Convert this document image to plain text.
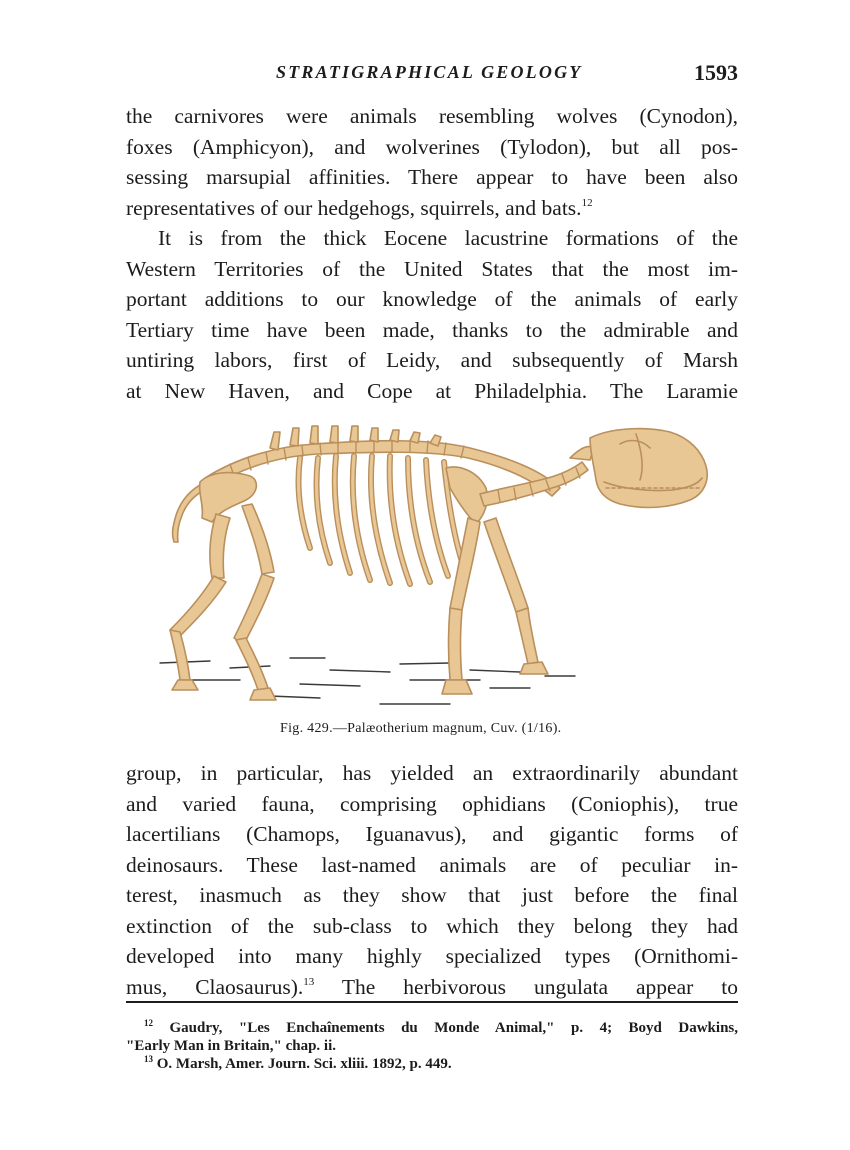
STRATIGRAPHICAL GEOLOGY	1593
the carnivores were animals resembling wolves (Cynodon),
foxes (Amphicyon), and wolverines (Tylodon), but all pos-
sessing marsupial affinities. There appear to have been also
representatives of our hedgehogs, squirrels, and bats.$^{12}$
It is from the thick Eocene lacustrine formations of the
Western Territories of the United States that the most im-
portant additions to our knowledge of the animals of early
Tertiary time have been made, thanks to the admirable and
untiring labors, first of Leidy, and subsequently of Marsh
at New Haven, and Cope at Philadelphia. The Laramie
Fig. 429.—Palæotherium magnum, Cuv. (1/16).
group, in particular, has yielded an extraordinarily abundant
and varied fauna, comprising ophidians (Coniophis), true
lacertilians (Chamops, Iguanavus), and gigantic forms of
deinosaurs. These last-named animals are of peculiar in-
terest, inasmuch as they show that just before the final
extinction of the sub-class to which they belong they had
developed into many highly specialized types (Ornithomi-
mus, Claosaurus).$^{13}$ The herbivorous ungulata appear to
$^{12}$ Gaudry, "Les Enchaînements du Monde Animal," p. 4; Boyd Dawkins,
"Early Man in Britain," chap. ii.
$^{13}$ O. Marsh, Amer. Journ. Sci. xliii. 1892, p. 449.
